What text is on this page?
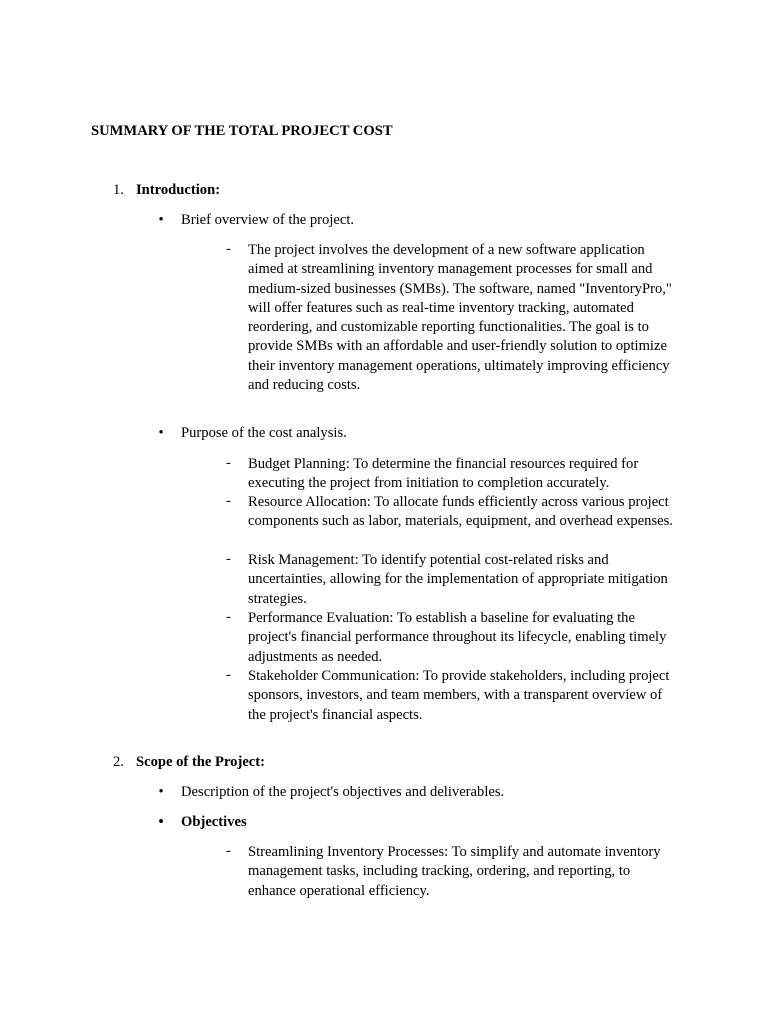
SUMMARY OF THE TOTAL PROJECT COST
1. Introduction:
• Brief overview of the project.
-	The project involves the development of a new software application aimed at streamlining inventory management processes for small and medium-sized businesses (SMBs). The software, named "InventoryPro," will offer features such as real-time inventory tracking, automated reordering, and customizable reporting functionalities. The goal is to provide SMBs with an affordable and user-friendly solution to optimize their inventory management operations, ultimately improving efficiency and reducing costs.
• Purpose of the cost analysis.
-	Budget Planning: To determine the financial resources required for executing the project from initiation to completion accurately.
-	Resource Allocation: To allocate funds efficiently across various project components such as labor, materials, equipment, and overhead expenses.
-	Risk Management: To identify potential cost-related risks and uncertainties, allowing for the implementation of appropriate mitigation strategies.
-	Performance Evaluation: To establish a baseline for evaluating the project's financial performance throughout its lifecycle, enabling timely adjustments as needed.
-	Stakeholder Communication: To provide stakeholders, including project sponsors, investors, and team members, with a transparent overview of the project's financial aspects.
2. Scope of the Project:
• Description of the project's objectives and deliverables.
• Objectives
-	Streamlining Inventory Processes: To simplify and automate inventory management tasks, including tracking, ordering, and reporting, to enhance operational efficiency.
